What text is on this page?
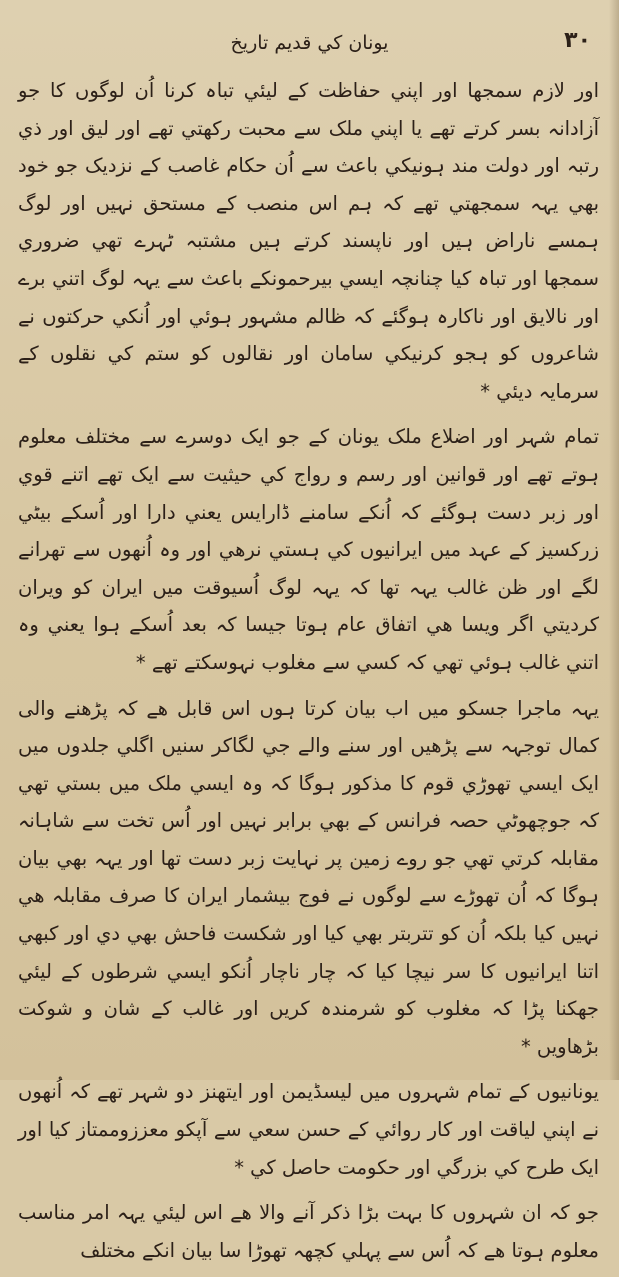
یونان کي قدیم تاریخ	۳۰

اور لازم سمجھا اور اپني حفاظت کے لیئي تباہ کرنا اُن لوگوں کا جو آزادانہ بسر کرتے تھے یا اپني ملک سے محبت رکھتي تھے اور لیق اور ذي رتبہ اور دولت مند ہونیکي باعث سے اُن حکام غاصب کے نزدیک جو خود بھي یہہ سمجھتي تھے کہ ہم اس منصب کے مستحق نہیں اور لوگ ہمسے ناراض ہیں اور ناپسند کرتے ہیں مشتبہ ٹہرے تھي ضروري سمجھا اور تباہ کیا چنانچہ ایسي بیرحمونکے باعث سے یہہ لوگ اتني برے اور نالایق اور ناکارہ ہوگئے کہ ظالم مشہور ہوئي اور اُنکي حرکتوں نے شاعروں کو ہجو کرنیکي سامان اور نقالوں کو ستم کي نقلوں کے سرمایہ دیئي *

تمام شہر اور اضلاع ملک یونان کے جو ایک دوسرے سے مختلف معلوم ہوتے تھے اور قوانین اور رسم و رواج کي حیثیت سے ایک تھے اتنے قوي اور زبر دست ہوگئے کہ اُنکے سامنے ڈارایس یعني دارا اور اُسکے بیٹي زرکسیز کے عہد میں ایرانیوں کي ہستي نرھي اور وہ اُنھوں سے تھرانے لگے اور ظن غالب یہہ تھا کہ یہہ لوگ اُسیوقت میں ایران کو ویران کردیتي اگر ویسا ھي اتفاق عام ہوتا جیسا کہ بعد اُسکے ہوا یعني وہ اتني غالب ہوئي تھي کہ کسي سے مغلوب نہوسکتے تھے *

یہہ ماجرا جسکو میں اب بیان کرتا ہوں اس قابل ھے کہ پڑھنے والی کمال توجہہ سے پڑھیں اور سنے والے جي لگاکر سنیں اگلي جلدوں میں ایک ایسي تھوڑي قوم کا مذکور ہوگا کہ وہ ایسي ملک میں بستي تھي کہ جوچھوٹي حصہ فرانس کے بھي برابر نہیں اور اُس تخت سے شاہانہ مقابلہ کرتي تھي جو روے زمین پر نہایت زبر دست تھا اور یہہ بھي بیان ہوگا کہ اُن تھوڑے سے لوگوں نے فوج بیشمار ایران کا صرف مقابلہ ھي نہیں کیا بلکہ اُن کو تتربتر بھي کیا اور شکست فاحش بھي دي اور کبھي اتنا ایرانیوں کا سر نیچا کیا کہ چار ناچار اُنکو ایسي شرطوں کے لیئي جھکنا پڑا کہ مغلوب کو شرمندہ کریں اور غالب کے شان و شوکت بڑھاویں *

یونانیوں کے تمام شہروں میں لیسڈیمن اور ایتھنز دو شہر تھے کہ اُنھوں نے اپني لیاقت اور کار روائي کے حسن سعي سے آپکو معززوممتاز کیا اور ایک طرح کي بزرگي اور حکومت حاصل کي *

جو کہ ان شہروں کا بہت بڑا ذکر آنے والا ھے اس لیئي یہہ امر مناسب معلوم ہوتا ھے کہ اُس سے پہلي کچھہ تھوڑا سا بیان انکے مختلف
